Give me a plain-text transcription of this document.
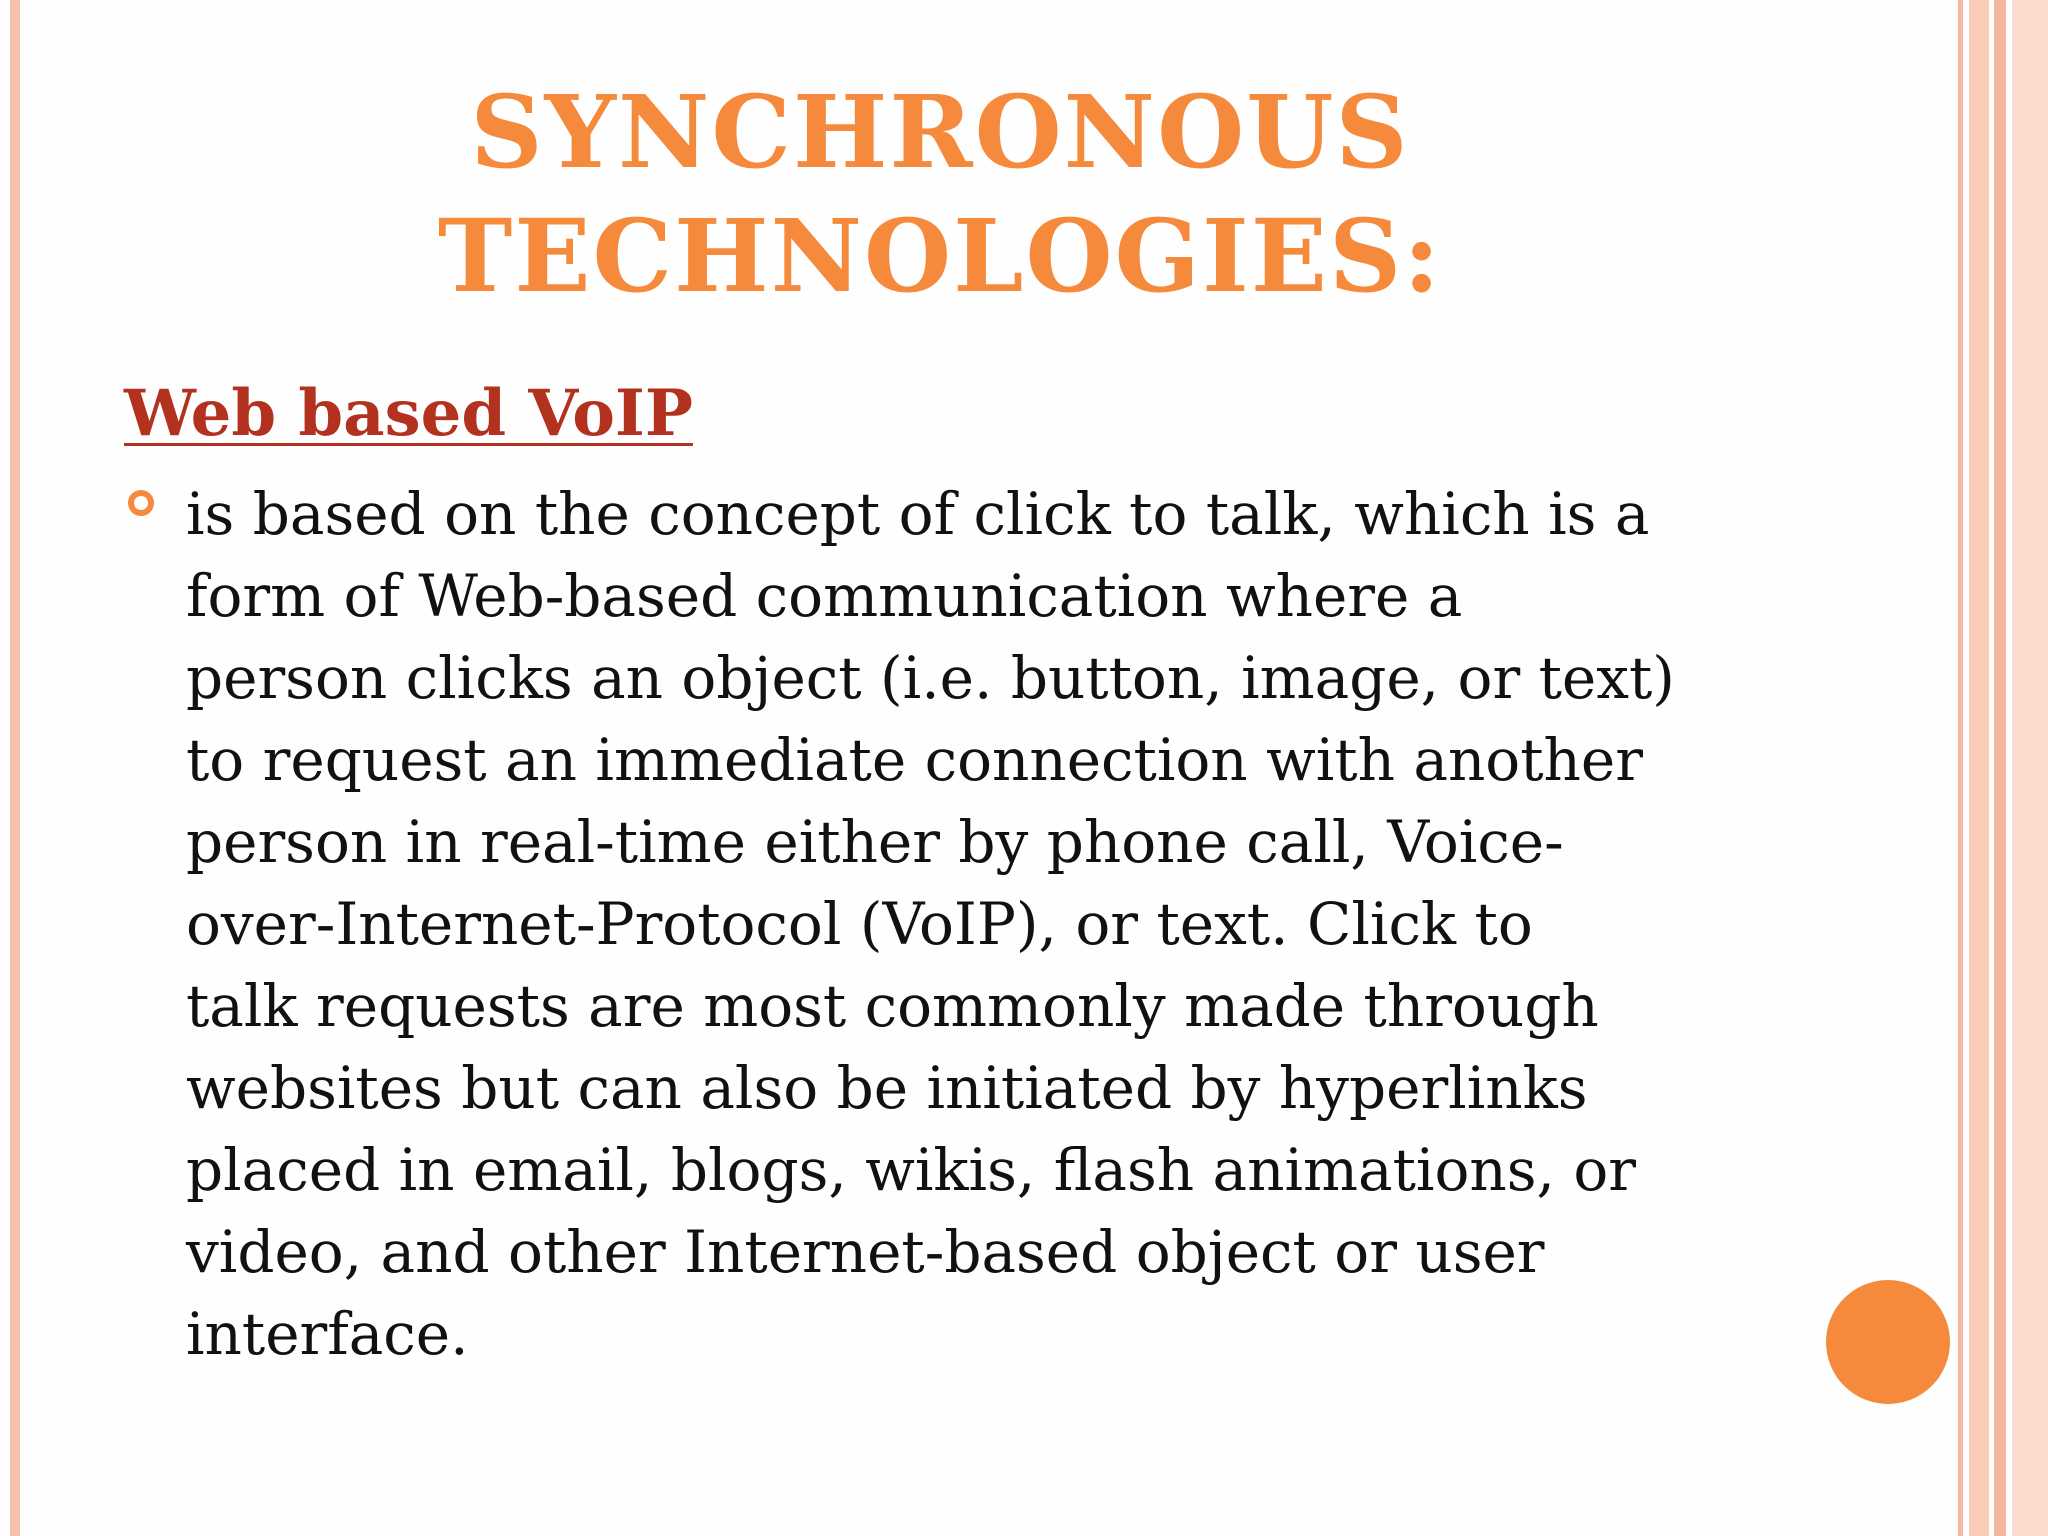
SYNCHRONOUS
TECHNOLOGIES:
Web based VoIP

is based on the concept of click to talk, which is a
form of Web-based communication where a
person clicks an object (i.e. button, image, or text)
to request an immediate connection with another
person in real-time either by phone call, Voice-
over-Internet-Protocol (VoIP), or text. Click to
talk requests are most commonly made through
websites but can also be initiated by hyperlinks
placed in email, blogs, wikis, flash animations, or
video, and other Internet-based object or user
interface.
